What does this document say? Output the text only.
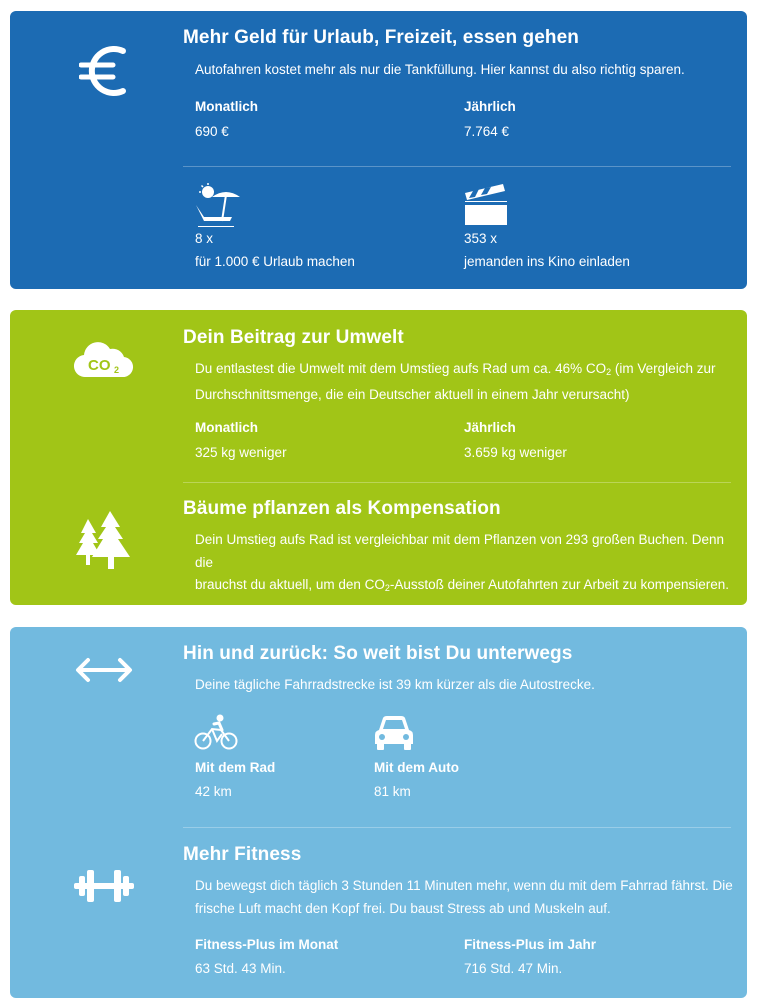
Mehr Geld für Urlaub, Freizeit, essen gehen
Autofahren kostet mehr als nur die Tankfüllung. Hier kannst du also richtig sparen.
Monatlich
690 €
Jährlich
7.764 €
8 x
für 1.000 € Urlaub machen
353 x
jemanden ins Kino einladen
CO 2
Dein Beitrag zur Umwelt
Du entlastest die Umwelt mit dem Umstieg aufs Rad um ca. 46% $CO_2$ (im Vergleich zur
Durchschnittsmenge, die ein Deutscher aktuell in einem Jahr verursacht)
Monatlich
325 kg weniger
Jährlich
3.659 kg weniger
Bäume pflanzen als Kompensation
Dein Umstieg aufs Rad ist vergleichbar mit dem Pflanzen von 293 großen Buchen. Denn die
brauchst du aktuell, um den $CO_2$-Ausstoß deiner Autofahrten zur Arbeit zu kompensieren.
Hin und zurück: So weit bist Du unterwegs
Deine tägliche Fahrradstrecke ist 39 km kürzer als die Autostrecke.
Mit dem Rad
42 km
Mit dem Auto
81 km
Mehr Fitness
Du bewegst dich täglich 3 Stunden 11 Minuten mehr, wenn du mit dem Fahrrad fährst. Die
frische Luft macht den Kopf frei. Du baust Stress ab und Muskeln auf.
Fitness-Plus im Monat
63 Std. 43 Min.
Fitness-Plus im Jahr
716 Std. 47 Min.
